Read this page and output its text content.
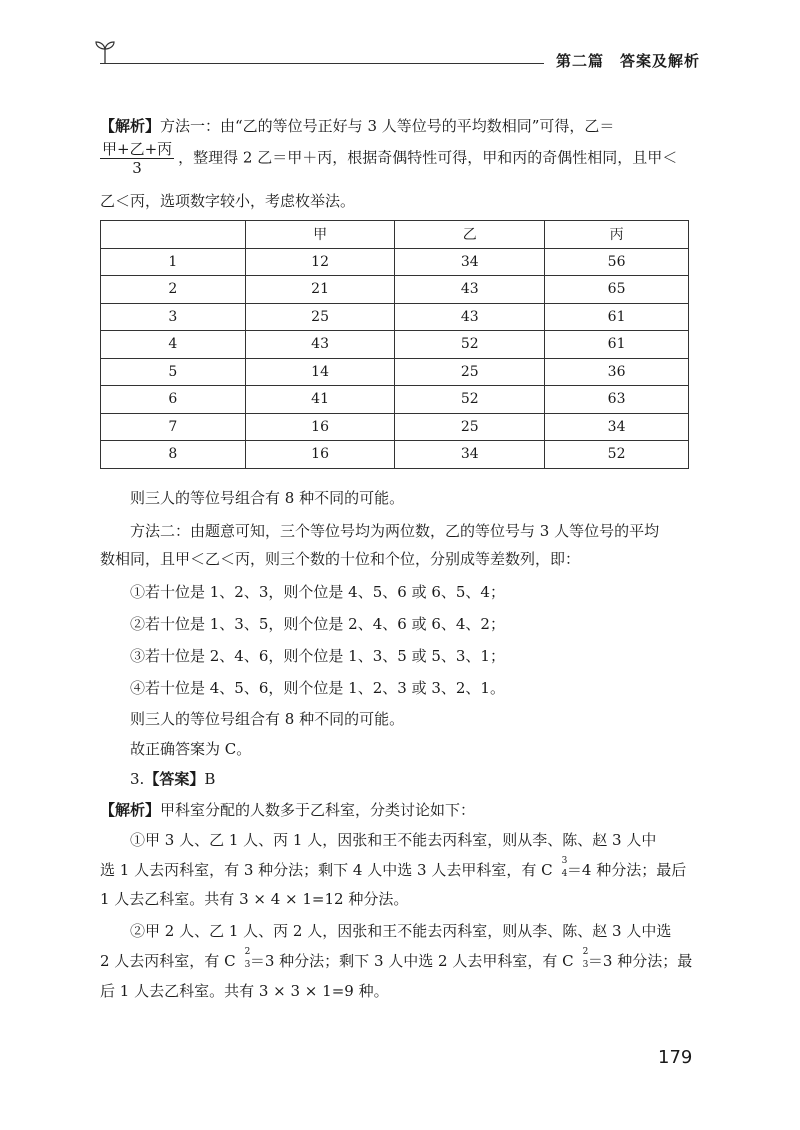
第二篇　答案及解析
【解析】方法一：由“乙的等位号正好与 3 人等位号的平均数相同”可得，乙＝
$\frac{\text{甲+乙+丙}}{3}$ ，整理得 2 乙＝甲＋丙，根据奇偶特性可得，甲和丙的奇偶性相同，且甲＜
乙＜丙，选项数字较小，考虑枚举法。
	甲	乙	丙
1	12	34	56
2	21	43	65
3	25	43	61
4	43	52	61
5	14	25	36
6	41	52	63
7	16	25	34
8	16	34	52
则三人的等位号组合有 8 种不同的可能。
方法二：由题意可知，三个等位号均为两位数，乙的等位号与 3 人等位号的平均
数相同，且甲＜乙＜丙，则三个数的十位和个位，分别成等差数列，即：
①若十位是 1、2、3，则个位是 4、5、6 或 6、5、4；
②若十位是 1、3、5，则个位是 2、4、6 或 6、4、2；
③若十位是 2、4、6，则个位是 1、3、5 或 5、3、1；
④若十位是 4、5、6，则个位是 1、2、3 或 3、2、1。
则三人的等位号组合有 8 种不同的可能。
故正确答案为 C。
3.【答案】B
【解析】甲科室分配的人数多于乙科室，分类讨论如下：
①甲 3 人、乙 1 人、丙 1 人，因张和王不能去丙科室，则从李、陈、赵 3 人中
选 1 人去丙科室，有 3 种分法；剩下 4 人中选 3 人去甲科室，有 C 3
4 ＝4 种分法；最后
1 人去乙科室。共有 3 × 4 × 1=12 种分法。
②甲 2 人、乙 1 人、丙 2 人，因张和王不能去丙科室，则从李、陈、赵 3 人中选
2 人去丙科室，有 C 2
3 ＝3 种分法；剩下 3 人中选 2 人去甲科室，有 C 2
3 ＝3 种分法；最
后 1 人去乙科室。共有 3 × 3 × 1=9 种。
179
